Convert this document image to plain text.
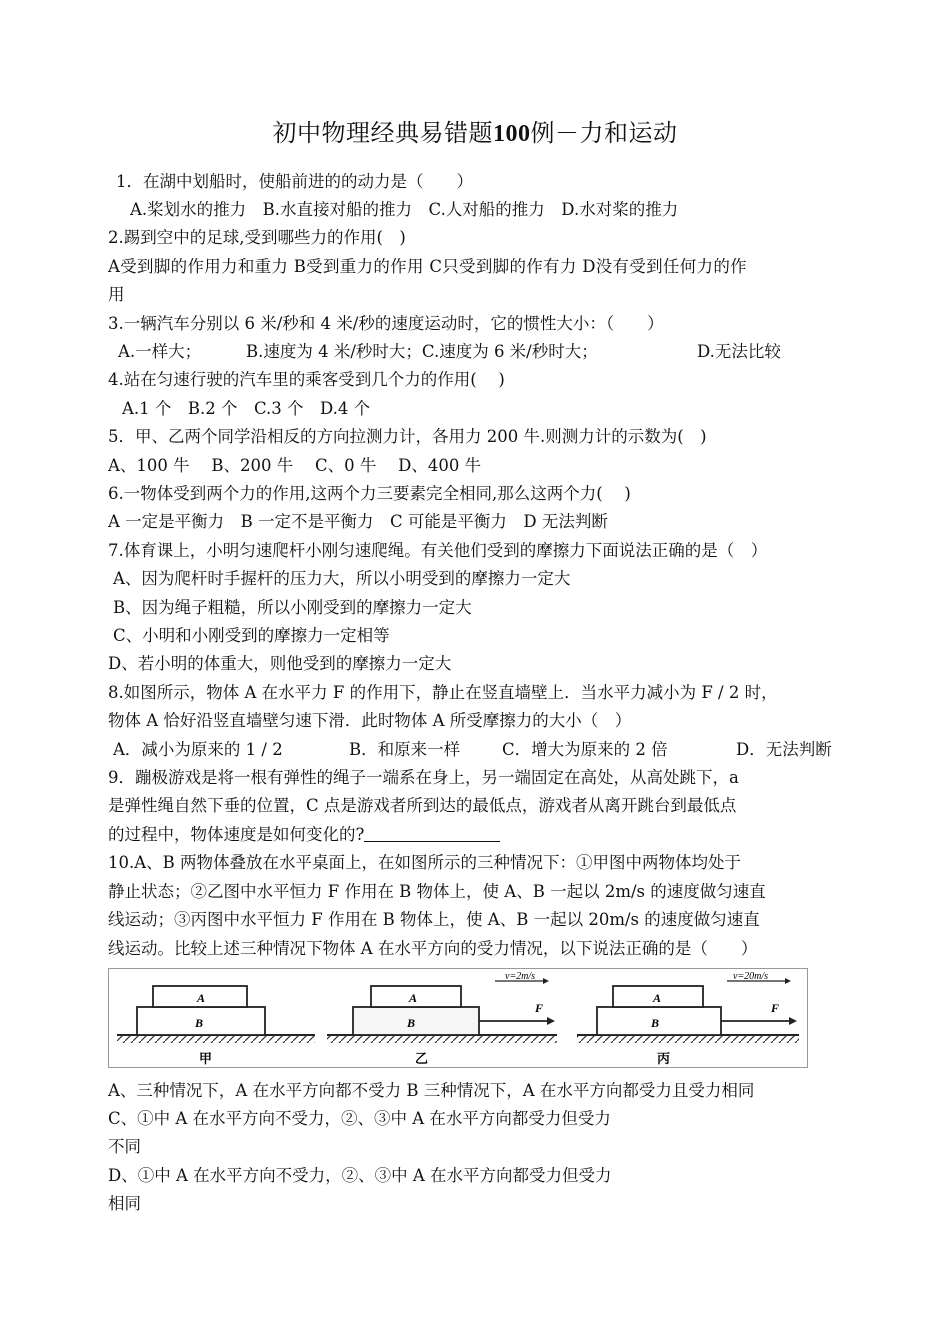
初中物理经典易错题100例－力和运动
1．在湖中划船时，使船前进的的动力是（　　）
A.桨划水的推力　B.水直接对船的推力　C.人对船的推力　D.水对桨的推力
2.踢到空中的足球,受到哪些力的作用(　)
A受到脚的作用力和重力 B受到重力的作用 C只受到脚的作有力 D没有受到任何力的作
用
3.一辆汽车分别以 6 米/秒和 4 米/秒的速度运动时，它的惯性大小：（　　）
A.一样大；	B.速度为 4 米/秒时大；C.速度为 6 米/秒时大；	D.无法比较
4.站在匀速行驶的汽车里的乘客受到几个力的作用(　 )
A.1 个　B.2 个　C.3 个　D.4 个
5．甲、乙两个同学沿相反的方向拉测力计，各用力 200 牛.则测力计的示数为(　)
A、100 牛　 B、200 牛　 C、0 牛　 D、400 牛
6.一物体受到两个力的作用,这两个力三要素完全相同,那么这两个力(　 )
A 一定是平衡力　B 一定不是平衡力　C 可能是平衡力　D 无法判断
7.体育课上，小明匀速爬杆小刚匀速爬绳。有关他们受到的摩擦力下面说法正确的是（　）
A、因为爬杆时手握杆的压力大，所以小明受到的摩擦力一定大
B、因为绳子粗糙，所以小刚受到的摩擦力一定大
C、小明和小刚受到的摩擦力一定相等
D、若小明的体重大，则他受到的摩擦力一定大
8.如图所示，物体 A 在水平力 F 的作用下，静止在竖直墙壁上．当水平力减小为 F / 2 时，
物体 A 恰好沿竖直墙壁匀速下滑．此时物体 A 所受摩擦力的大小（　）
A．减小为原来的 1 / 2	B．和原来一样	C．增大为原来的 2 倍	D．无法判断
9．蹦极游戏是将一根有弹性的绳子一端系在身上，另一端固定在高处，从高处跳下，a
是弹性绳自然下垂的位置，C 点是游戏者所到达的最低点，游戏者从离开跳台到最低点
的过程中，物体速度是如何变化的?
10.A、B 两物体叠放在水平桌面上，在如图所示的三种情况下：①甲图中两物体均处于
静止状态；②乙图中水平恒力 F 作用在 B 物体上，使 A、B 一起以 2m/s 的速度做匀速直
线运动；③丙图中水平恒力 F 作用在 B 物体上，使 A、B 一起以 20m/s 的速度做匀速直
线运动。比较上述三种情况下物体 A 在水平方向的受力情况，以下说法正确的是（　　）
A
B
甲
A
B
F
v=2m/s
乙
A
B
F
v=20m/s
丙
A、三种情况下，A 在水平方向都不受力 B 三种情况下，A 在水平方向都受力且受力相同
C、①中 A 在水平方向不受力，②、③中 A 在水平方向都受力但受力
不同
D、①中 A 在水平方向不受力，②、③中 A 在水平方向都受力但受力
相同
